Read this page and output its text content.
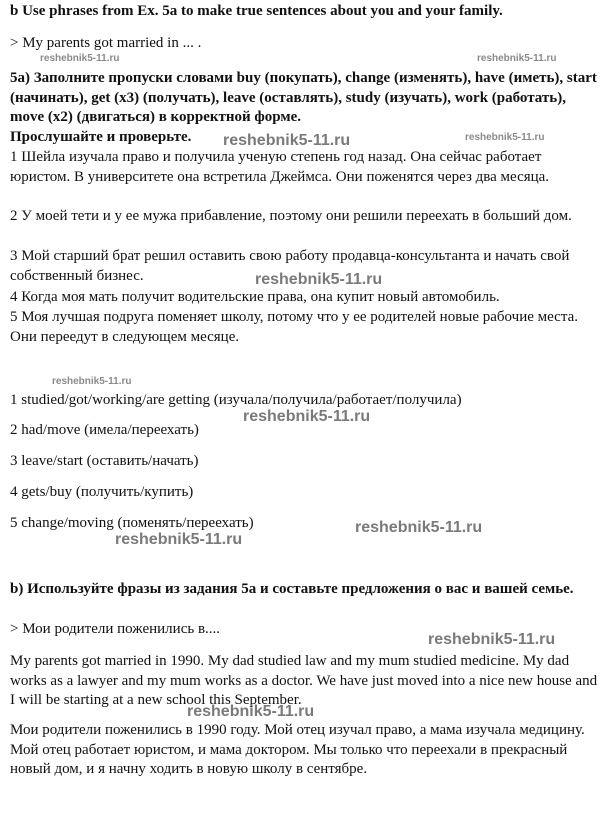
b Use phrases from Ex. 5a to make true sentences about you and your family.
> My parents got married in ... .
5a) Заполните пропуски словами buy (покупать), change (изменять), have (иметь), start (начинать), get (x3) (получать), leave (оставлять), study (изучать), work (работать), move (x2) (двигаться) в корректной форме.
Прослушайте и проверьте.
1 Шейла изучала право и получила ученую степень год назад. Она сейчас работает юристом. В университете она встретила Джеймса. Они поженятся через два месяца.
2 У моей тети и у ее мужа прибавление, поэтому они решили переехать в больший дом.
3 Мой старший брат решил оставить свою работу продавца-консультанта и начать свой собственный бизнес.
4 Когда моя мать получит водительские права, она купит новый автомобиль.
5 Моя лучшая подруга поменяет школу, потому что у ее родителей новые рабочие места. Они переедут в следующем месяце.
1 studied/got/working/are getting (изучала/получила/работает/получила)
2 had/move (имела/переехать)
3 leave/start (оставить/начать)
4 gets/buy (получить/купить)
5 change/moving (поменять/переехать)
b) Используйте фразы из задания 5а и составьте предложения о вас и вашей семье.
> Мои родители поженились в....
My parents got married in 1990. My dad studied law and my mum studied medicine. My dad works as a lawyer and my mum works as a doctor. We have just moved into a nice new house and I will be starting at a new school this September.
Мои родители поженились в 1990 году. Мой отец изучал право, а мама изучала медицину. Мой отец работает юристом, и мама доктором. Мы только что переехали в прекрасный новый дом, и я начну ходить в новую школу в сентябре.
reshebnik5-11.ru	reshebnik5-11.ru
reshebnik5-11.ru	reshebnik5-11.ru
reshebnik5-11.ru
reshebnik5-11.ru
reshebnik5-11.ru
reshebnik5-11.ru
reshebnik5-11.ru
reshebnik5-11.ru
reshebnik5-11.ru
